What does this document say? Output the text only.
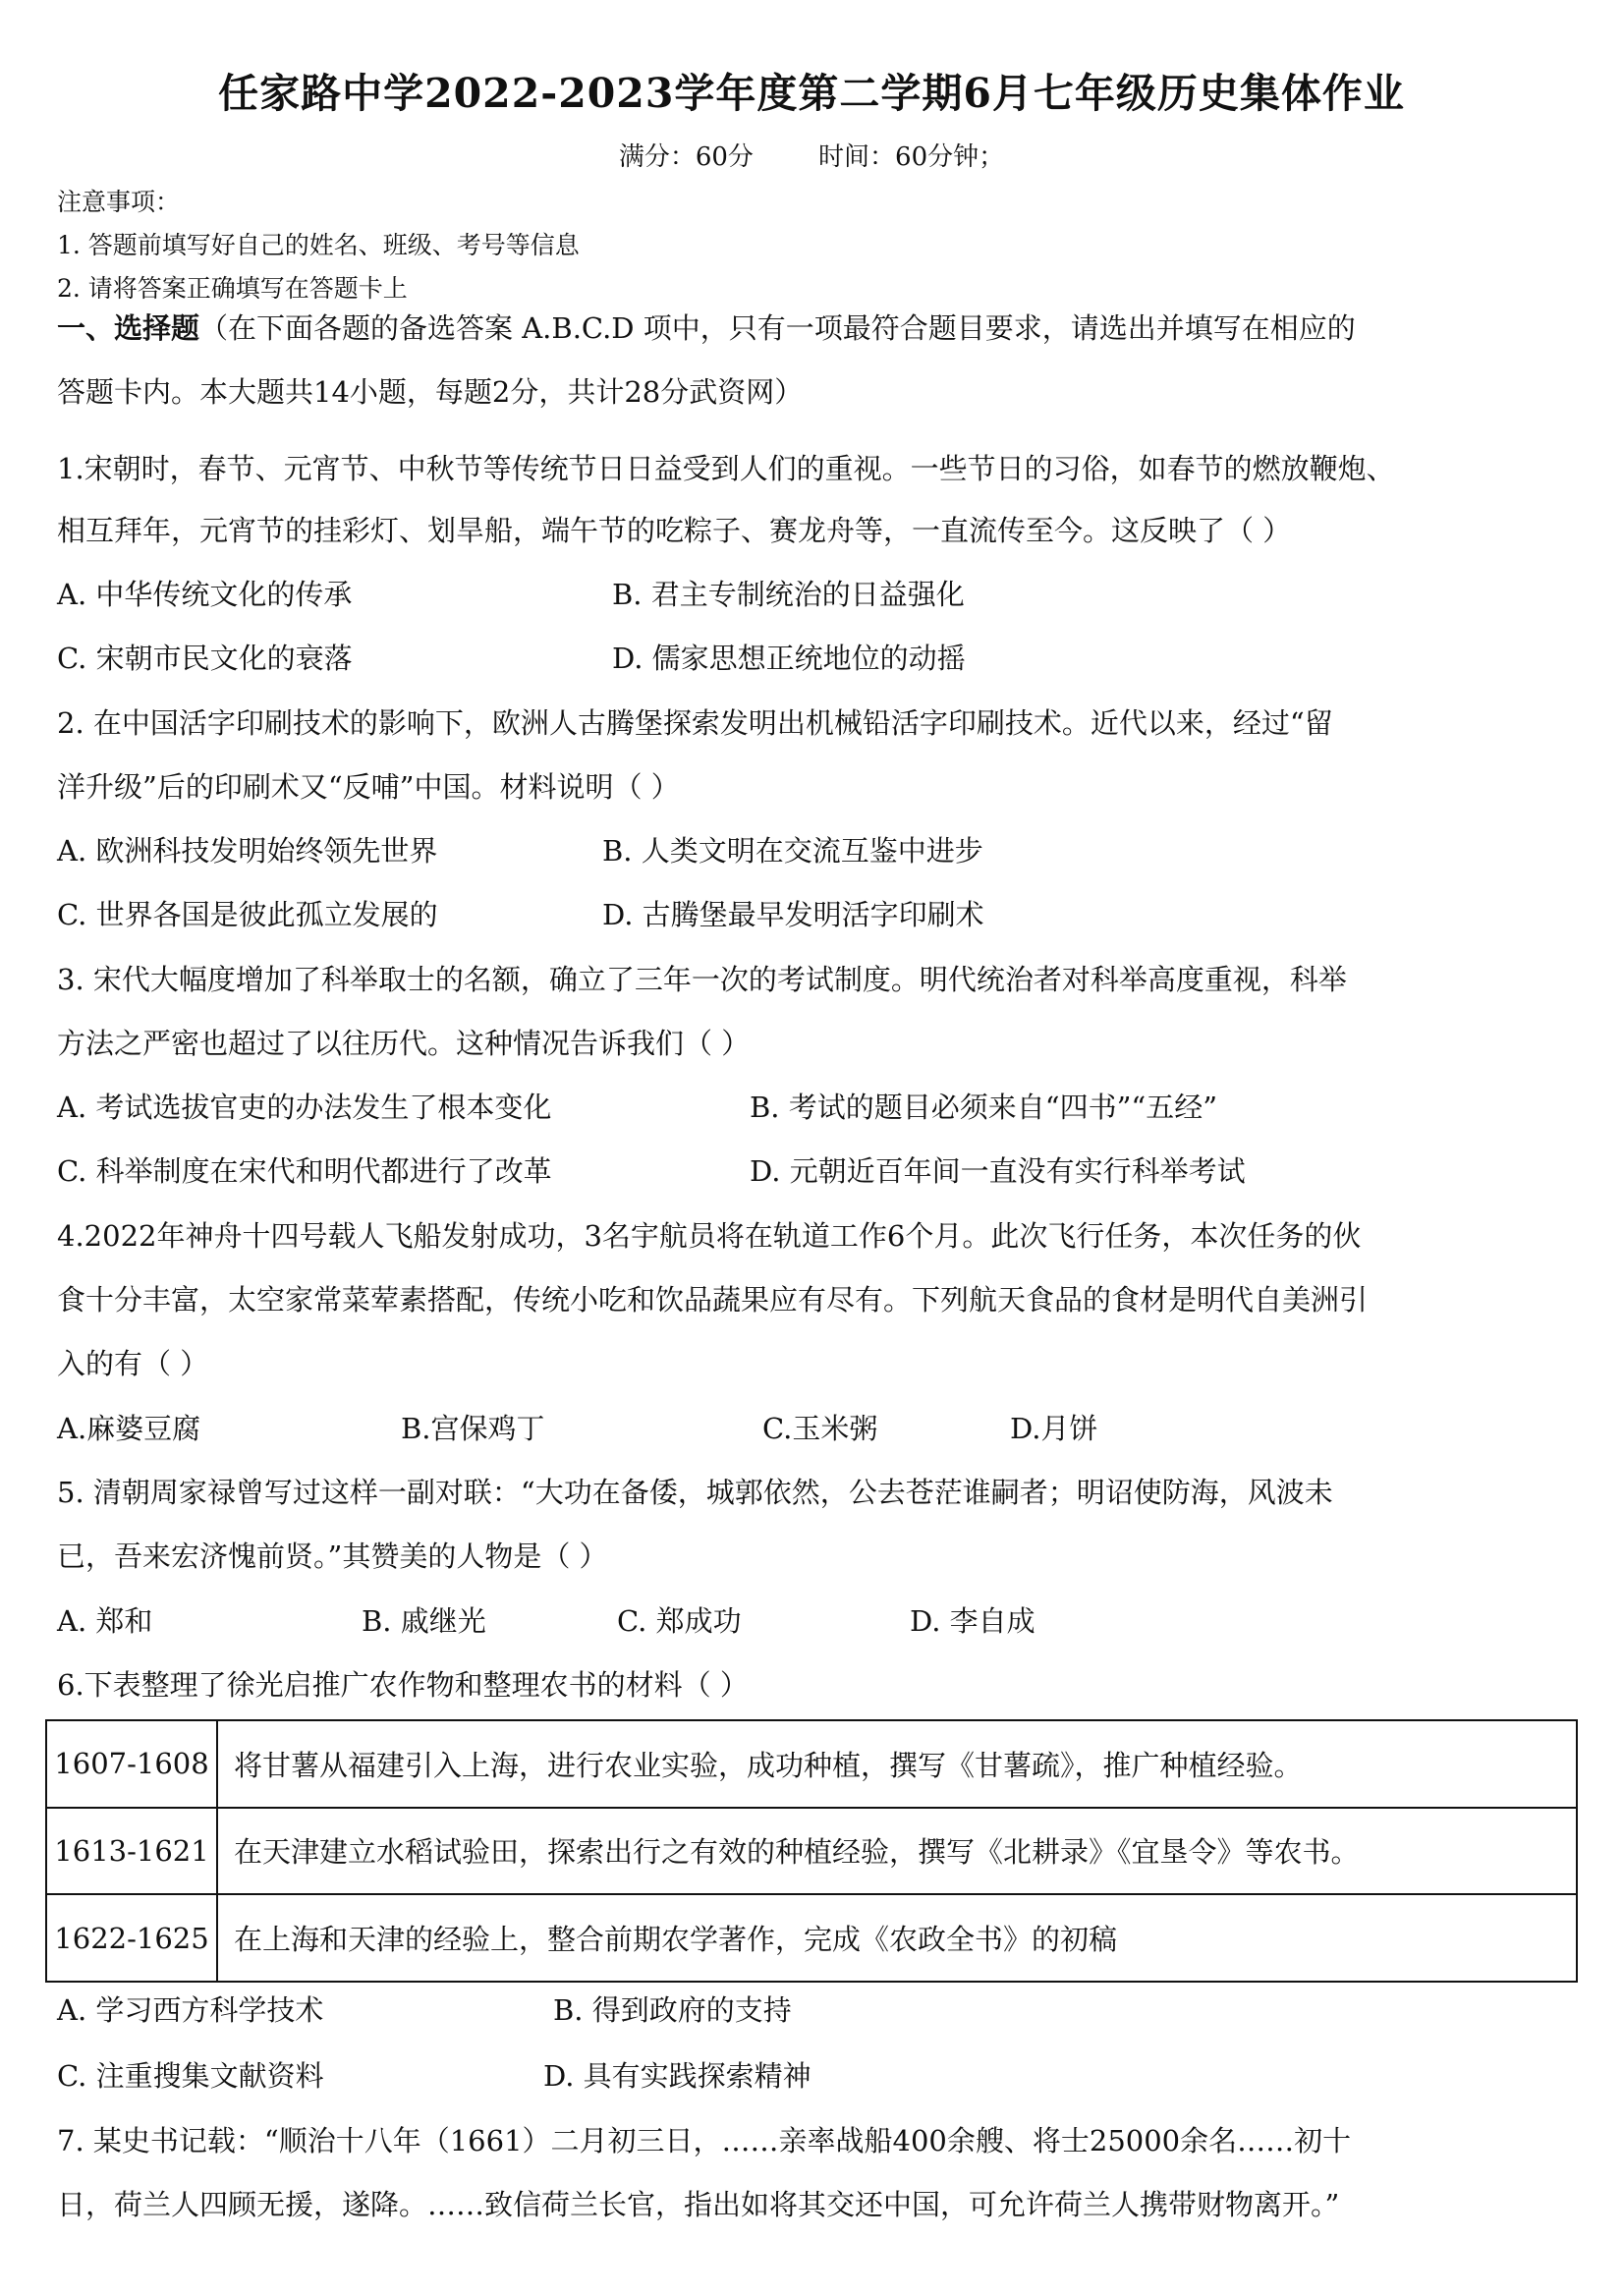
任家路中学2022-2023学年度第二学期6月七年级历史集体作业
满分：60分        时间：60分钟；
注意事项：
1. 答题前填写好自己的姓名、班级、考号等信息
2. 请将答案正确填写在答题卡上
一、选择题（在下面各题的备选答案 A.B.C.D 项中，只有一项最符合题目要求，请选出并填写在相应的
答题卡内。本大题共14小题，每题2分，共计28分武资网）
1.宋朝时，春节、元宵节、中秋节等传统节日日益受到人们的重视。一些节日的习俗，如春节的燃放鞭炮、
相互拜年，元宵节的挂彩灯、划旱船，端午节的吃粽子、赛龙舟等，一直流传至今。这反映了（ ）
A. 中华传统文化的传承	B. 君主专制统治的日益强化
C. 宋朝市民文化的衰落	D. 儒家思想正统地位的动摇
2. 在中国活字印刷技术的影响下，欧洲人古腾堡探索发明出机械铅活字印刷技术。近代以来，经过“留
洋升级”后的印刷术又“反哺”中国。材料说明（ ）
A. 欧洲科技发明始终领先世界	B. 人类文明在交流互鉴中进步
C. 世界各国是彼此孤立发展的	D. 古腾堡最早发明活字印刷术
3. 宋代大幅度增加了科举取士的名额，确立了三年一次的考试制度。明代统治者对科举高度重视，科举
方法之严密也超过了以往历代。这种情况告诉我们（ ）
A. 考试选拔官吏的办法发生了根本变化	B. 考试的题目必须来自“四书”“五经”
C. 科举制度在宋代和明代都进行了改革	D. 元朝近百年间一直没有实行科举考试
4.2022年神舟十四号载人飞船发射成功，3名宇航员将在轨道工作6个月。此次飞行任务，本次任务的伙
食十分丰富，太空家常菜荤素搭配，传统小吃和饮品蔬果应有尽有。下列航天食品的食材是明代自美洲引
入的有（ ）
A.麻婆豆腐	B.宫保鸡丁	C.玉米粥	D.月饼
5. 清朝周家禄曾写过这样一副对联：“大功在备倭，城郭依然，公去苍茫谁嗣者；明诏使防海，风波未
已，吾来宏济愧前贤。”其赞美的人物是（ ）
A. 郑和	B. 戚继光	C. 郑成功	D. 李自成
6.下表整理了徐光启推广农作物和整理农书的材料（ ）
1607-1608	将甘薯从福建引入上海，进行农业实验，成功种植，撰写《甘薯疏》，推广种植经验。
1613-1621	在天津建立水稻试验田，探索出行之有效的种植经验，撰写《北耕录》《宜垦令》等农书。
1622-1625	在上海和天津的经验上，整合前期农学著作，完成《农政全书》的初稿
A. 学习西方科学技术	B. 得到政府的支持
C. 注重搜集文献资料	D. 具有实践探索精神
7. 某史书记载：“顺治十八年（1661）二月初三日，……亲率战船400余艘、将士25000余名……初十
日，荷兰人四顾无援，遂降。……致信荷兰长官，指出如将其交还中国，可允许荷兰人携带财物离开。”
